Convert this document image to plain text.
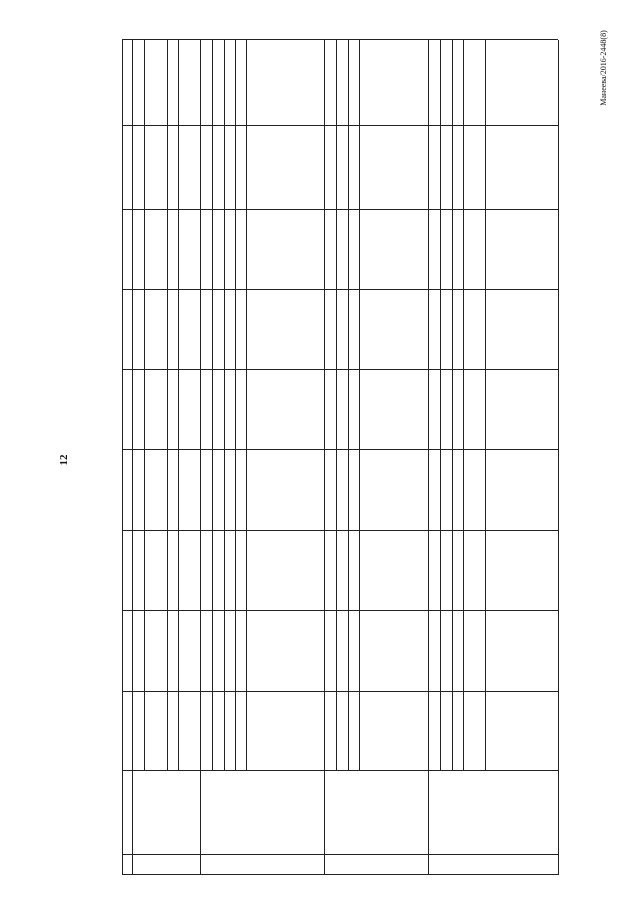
12
Манеева/2016-2448(8)
